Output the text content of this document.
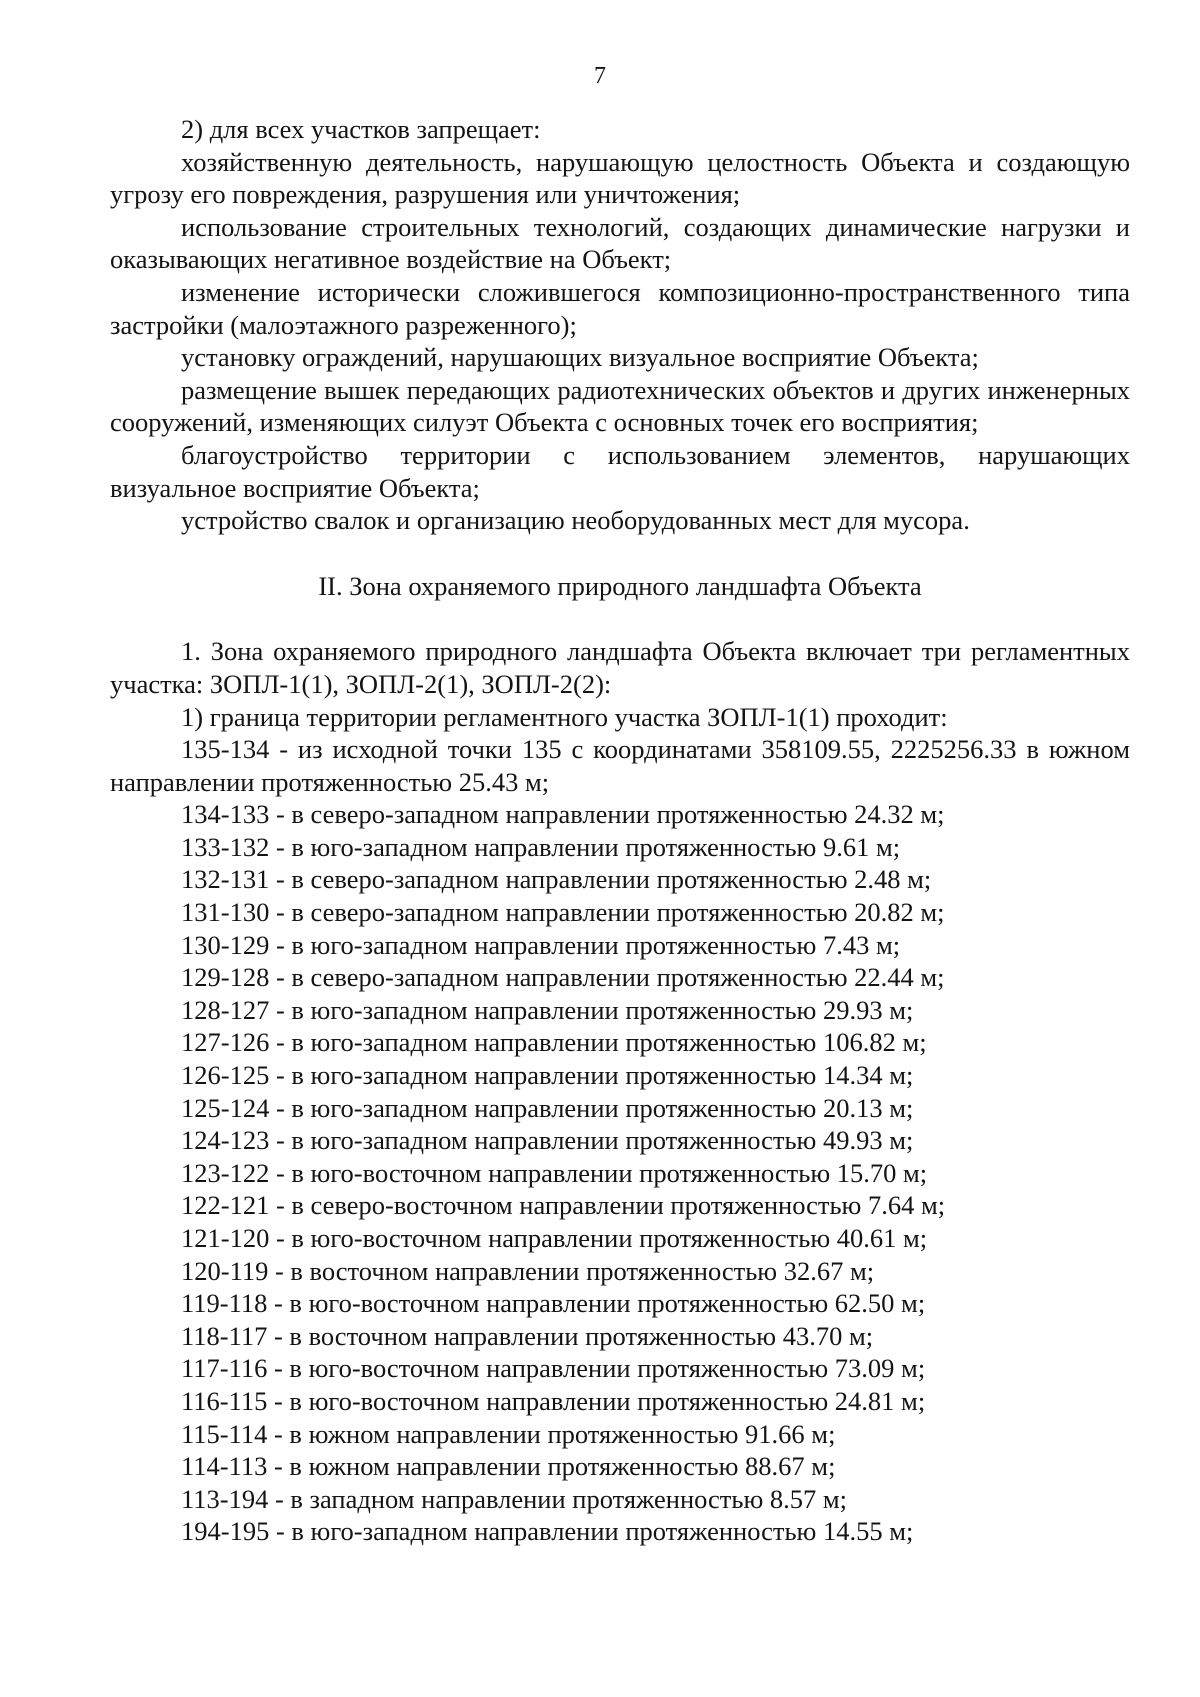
7

2) для всех участков запрещает:

хозяйственную деятельность, нарушающую целостность Объекта и создающую угрозу его повреждения, разрушения или уничтожения;

использование строительных технологий, создающих динамические нагрузки и оказывающих негативное воздействие на Объект;

изменение исторически сложившегося композиционно-пространственного типа застройки (малоэтажного разреженного);

установку ограждений, нарушающих визуальное восприятие Объекта;

размещение вышек передающих радиотехнических объектов и других инженерных сооружений, изменяющих силуэт Объекта с основных точек его восприятия;

благоустройство территории с использованием элементов, нарушающих визуальное восприятие Объекта;

устройство свалок и организацию необорудованных мест для мусора.

II. Зона охраняемого природного ландшафта Объекта

1. Зона охраняемого природного ландшафта Объекта включает три регламентных участка: ЗОПЛ-1(1), ЗОПЛ-2(1), ЗОПЛ-2(2):

1) граница территории регламентного участка ЗОПЛ-1(1) проходит:

135-134 - из исходной точки 135 с координатами 358109.55, 2225256.33 в южном направлении протяженностью 25.43 м;

134-133 - в северо-западном направлении протяженностью 24.32 м;

133-132 - в юго-западном направлении протяженностью 9.61 м;

132-131 - в северо-западном направлении протяженностью 2.48 м;

131-130 - в северо-западном направлении протяженностью 20.82 м;

130-129 - в юго-западном направлении протяженностью 7.43 м;

129-128 - в северо-западном направлении протяженностью 22.44 м;

128-127 - в юго-западном направлении протяженностью 29.93 м;

127-126 - в юго-западном направлении протяженностью 106.82 м;

126-125 - в юго-западном направлении протяженностью 14.34 м;

125-124 - в юго-западном направлении протяженностью 20.13 м;

124-123 - в юго-западном направлении протяженностью 49.93 м;

123-122 - в юго-восточном направлении протяженностью 15.70 м;

122-121 - в северо-восточном направлении протяженностью 7.64 м;

121-120 - в юго-восточном направлении протяженностью 40.61 м;

120-119 - в восточном направлении протяженностью 32.67 м;

119-118 - в юго-восточном направлении протяженностью 62.50 м;

118-117 - в восточном направлении протяженностью 43.70 м;

117-116 - в юго-восточном направлении протяженностью 73.09 м;

116-115 - в юго-восточном направлении протяженностью 24.81 м;

115-114 - в южном направлении протяженностью 91.66 м;

114-113 - в южном направлении протяженностью 88.67 м;

113-194 - в западном направлении протяженностью 8.57 м;

194-195 - в юго-западном направлении протяженностью 14.55 м;
